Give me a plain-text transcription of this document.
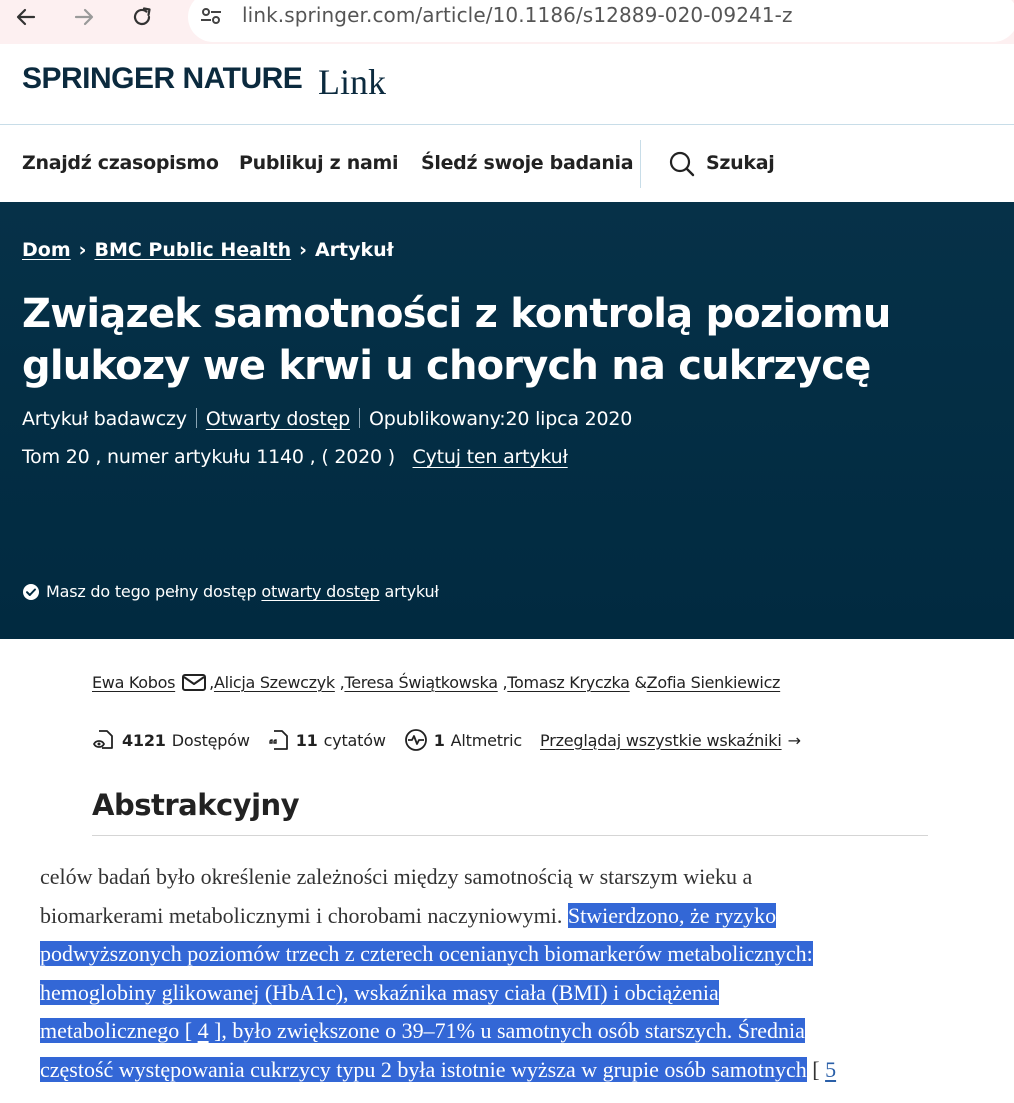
link.springer.com/article/10.1186/s12889-020-09241-z
SPRINGER NATURE Link
Znajdź czasopismo Publikuj z nami Śledź swoje badania	Szukaj
Dom › BMC Public Health › Artykuł
Związek samotności z kontrolą poziomu
glukozy we krwi u chorych na cukrzycę
Artykuł badawczy Otwarty dostęp Opublikowany:20 lipca 2020
Tom 20 , numer artykułu 1140 , ( 2020 ) Cytuj ten artykuł
Masz do tego pełny dostęp otwarty dostęp artykuł
Ewa Kobos , Alicja Szewczyk
, Teresa Świątkowska
, Tomasz Kryczka
& Zofia Sienkiewicz
4121 Dostępów	11 cytatów	1 Altmetric Przeglądaj wszystkie wskaźniki →
Abstrakcyjny
celów badań było określenie zależności między samotnością w starszym wieku a
biomarkerami metabolicznymi i chorobami naczyniowymi. Stwierdzono, że ryzyko
podwyższonych poziomów trzech z czterech ocenianych biomarkerów metabolicznych:
hemoglobiny glikowanej (HbA1c), wskaźnika masy ciała (BMI) i obciążenia
metabolicznego [ 4 ], było zwiększone o 39–71% u samotnych osób starszych. Średnia
częstość występowania cukrzycy typu 2 była istotnie wyższa w grupie osób samotnych [ 5
